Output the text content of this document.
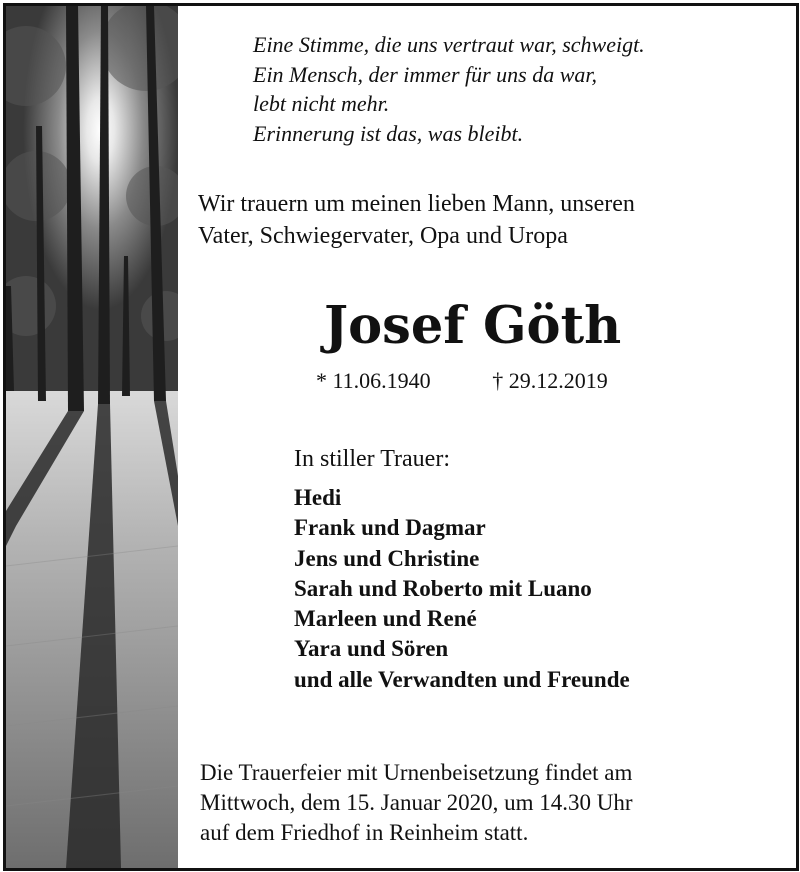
Eine Stimme, die uns vertraut war, schweigt.
Ein Mensch, der immer für uns da war,
lebt nicht mehr.
Erinnerung ist das, was bleibt.
Wir trauern um meinen lieben Mann, unseren
Vater, Schwiegervater, Opa und Uropa
Josef Göth
* 11.06.1940	† 29.12.2019
In stiller Trauer:
Hedi
Frank und Dagmar
Jens und Christine
Sarah und Roberto mit Luano
Marleen und René
Yara und Sören
und alle Verwandten und Freunde
Die Trauerfeier mit Urnenbeisetzung findet am
Mittwoch, dem 15. Januar 2020, um 14.30 Uhr
auf dem Friedhof in Reinheim statt.
